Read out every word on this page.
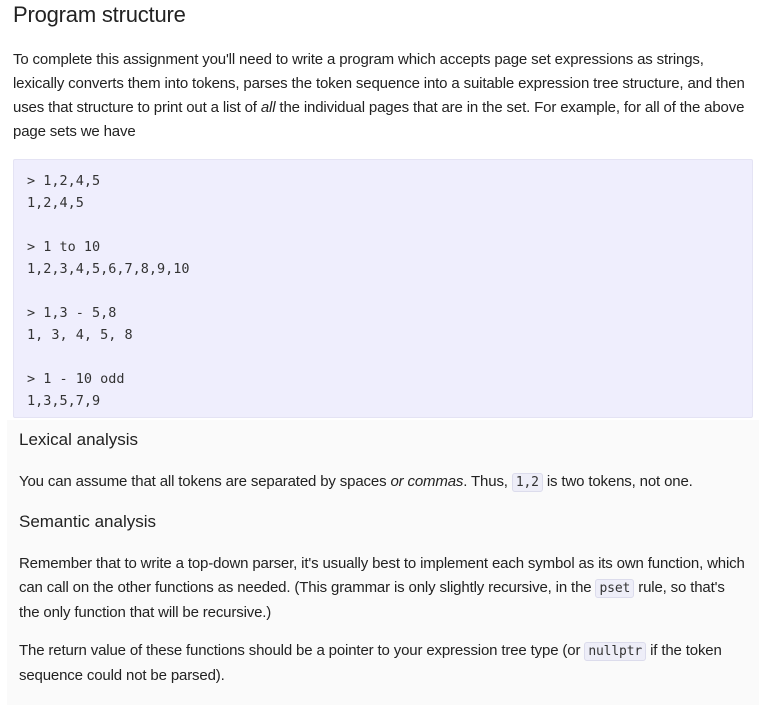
Program structure

To complete this assignment you'll need to write a program which accepts page set expressions as strings, lexically converts them into tokens, parses the token sequence into a suitable expression tree structure, and then uses that structure to print out a list of all the individual pages that are in the set. For example, for all of the above page sets we have

> 1,2,4,5
1,2,4,5

> 1 to 10
1,2,3,4,5,6,7,8,9,10

> 1,3 - 5,8
1, 3, 4, 5, 8

> 1 - 10 odd
1,3,5,7,9
Lexical analysis

You can assume that all tokens are separated by spaces or commas. Thus, 1,2 is two tokens, not one.

Semantic analysis

Remember that to write a top-down parser, it's usually best to implement each symbol as its own function, which can call on the other functions as needed. (This grammar is only slightly recursive, in the pset rule, so that's the only function that will be recursive.)

The return value of these functions should be a pointer to your expression tree type (or nullptr if the token sequence could not be parsed).
